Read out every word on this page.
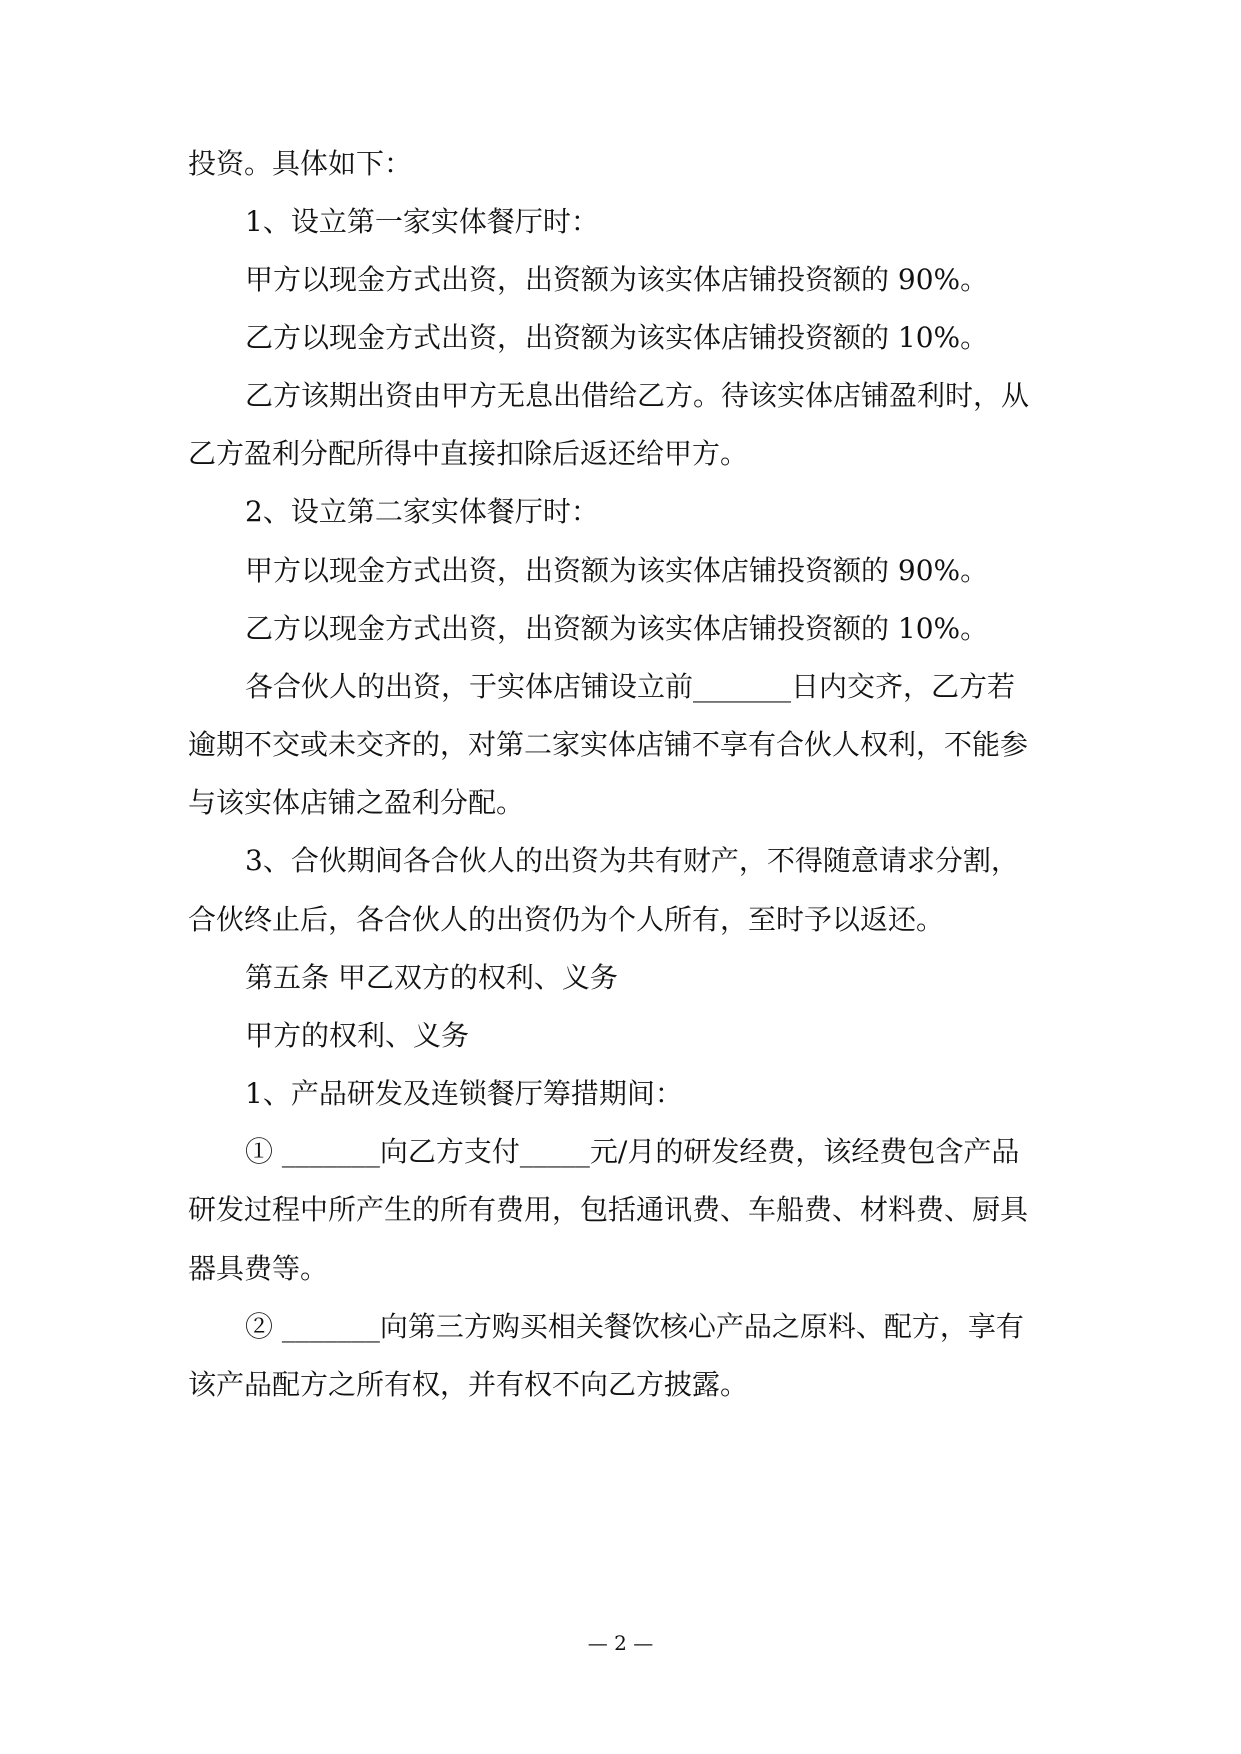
投资。具体如下：
1、设立第一家实体餐厅时：
甲方以现金方式出资，出资额为该实体店铺投资额的 90%。
乙方以现金方式出资，出资额为该实体店铺投资额的 10%。
乙方该期出资由甲方无息出借给乙方。待该实体店铺盈利时，从
乙方盈利分配所得中直接扣除后返还给甲方。
2、设立第二家实体餐厅时：
甲方以现金方式出资，出资额为该实体店铺投资额的 90%。
乙方以现金方式出资，出资额为该实体店铺投资额的 10%。
各合伙人的出资，于实体店铺设立前_______日内交齐，乙方若
逾期不交或未交齐的，对第二家实体店铺不享有合伙人权利，不能参
与该实体店铺之盈利分配。
3、合伙期间各合伙人的出资为共有财产，不得随意请求分割，
合伙终止后，各合伙人的出资仍为个人所有，至时予以返还。
第五条 甲乙双方的权利、义务
甲方的权利、义务
1、产品研发及连锁餐厅筹措期间：
① _______向乙方支付_____元/月的研发经费，该经费包含产品
研发过程中所产生的所有费用，包括通讯费、车船费、材料费、厨具
器具费等。
② _______向第三方购买相关餐饮核心产品之原料、配方，享有
该产品配方之所有权，并有权不向乙方披露。
— 2 —
